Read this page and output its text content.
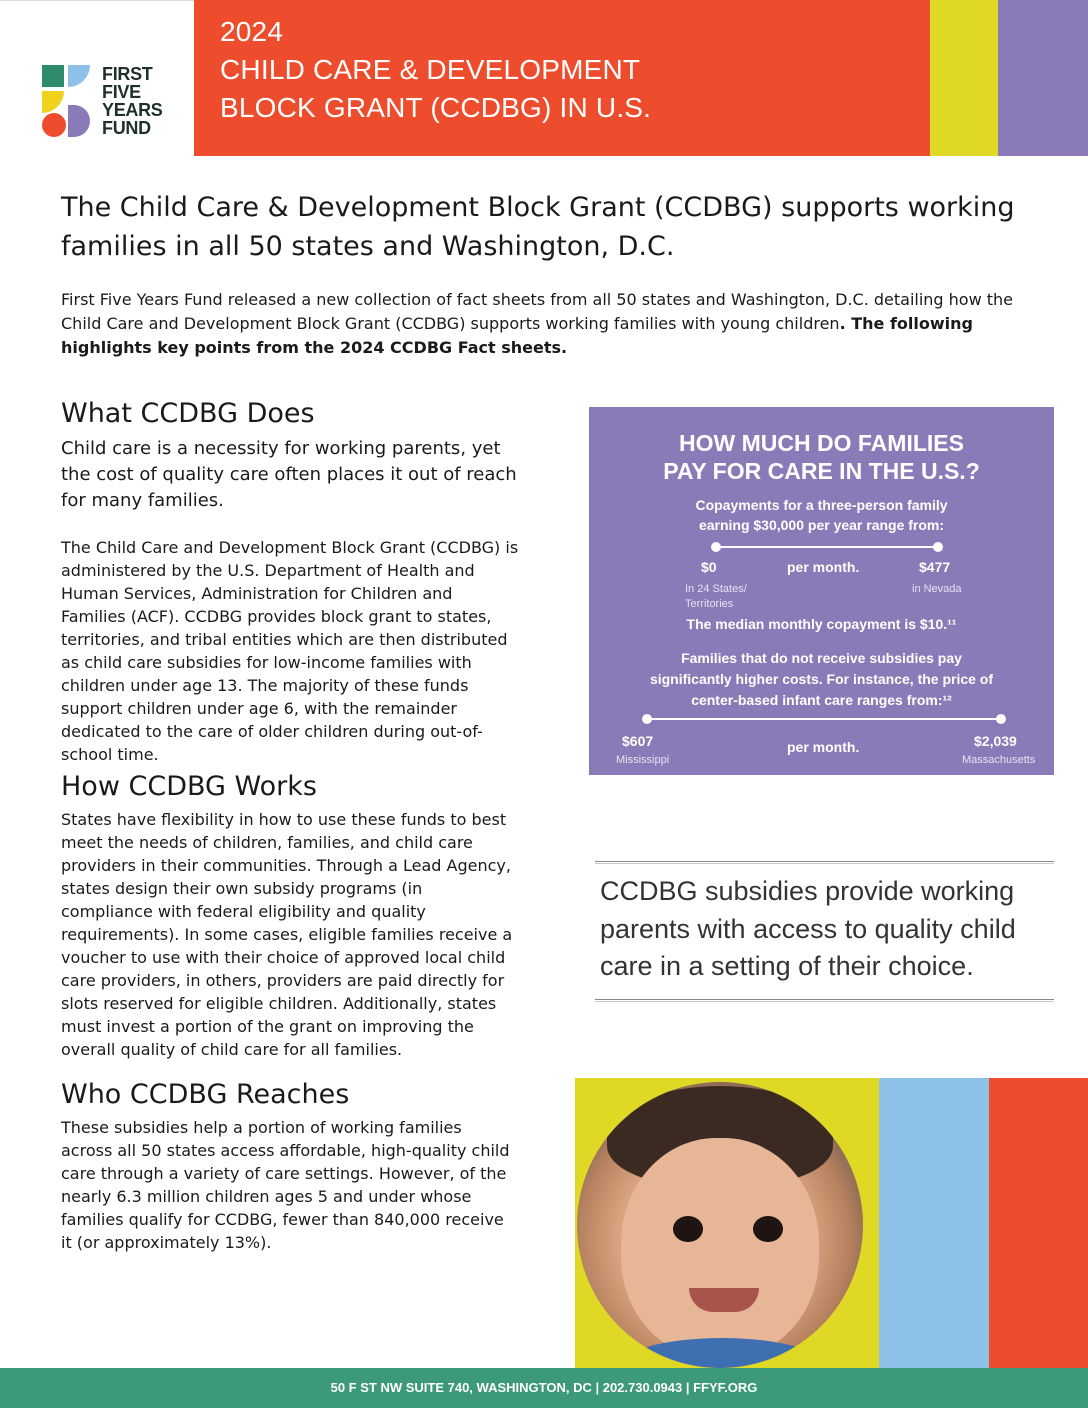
FIRST
FIVE
YEARS
FUND
2024
CHILD CARE & DEVELOPMENT
BLOCK GRANT (CCDBG) IN U.S.
The Child Care & Development Block Grant (CCDBG) supports working families in all 50 states and Washington, D.C.
First Five Years Fund released a new collection of fact sheets from all 50 states and Washington, D.C. detailing how the Child Care and Development Block Grant (CCDBG) supports working families with young children. The following highlights key points from the 2024 CCDBG Fact sheets.
What CCDBG Does
Child care is a necessity for working parents, yet the cost of quality care often places it out of reach for many families.
The Child Care and Development Block Grant (CCDBG) is administered by the U.S. Department of Health and Human Services, Administration for Children and Families (ACF). CCDBG provides block grant to states, territories, and tribal entities which are then distributed as child care subsidies for low-income families with children under age 13. The majority of these funds support children under age 6, with the remainder dedicated to the care of older children during out-of-school time.
How CCDBG Works
States have flexibility in how to use these funds to best meet the needs of children, families, and child care providers in their communities. Through a Lead Agency, states design their own subsidy programs (in compliance with federal eligibility and quality requirements). In some cases, eligible families receive a voucher to use with their choice of approved local child care providers, in others, providers are paid directly for slots reserved for eligible children. Additionally, states must invest a portion of the grant on improving the overall quality of child care for all families.
Who CCDBG Reaches
These subsidies help a portion of working families across all 50 states access affordable, high-quality child care through a variety of care settings. However, of the nearly 6.3 million children ages 5 and under whose families qualify for CCDBG, fewer than 840,000 receive it (or approximately 13%).
HOW MUCH DO FAMILIES
PAY FOR CARE IN THE U.S.?
Copayments for a three-person family
earning $30,000 per year range from:
$0	per month.	$477
In 24 States/
Territories
in Nevada
The median monthly copayment is $10.¹¹
Families that do not receive subsidies pay
significantly higher costs. For instance, the price of
center-based infant care ranges from:¹²
$607	per month.	$2,039
Mississippi	Massachusetts
CCDBG subsidies provide working parents with access to quality child care in a setting of their choice.
50 F ST NW SUITE 740, WASHINGTON, DC | 202.730.0943 | FFYF.ORG
